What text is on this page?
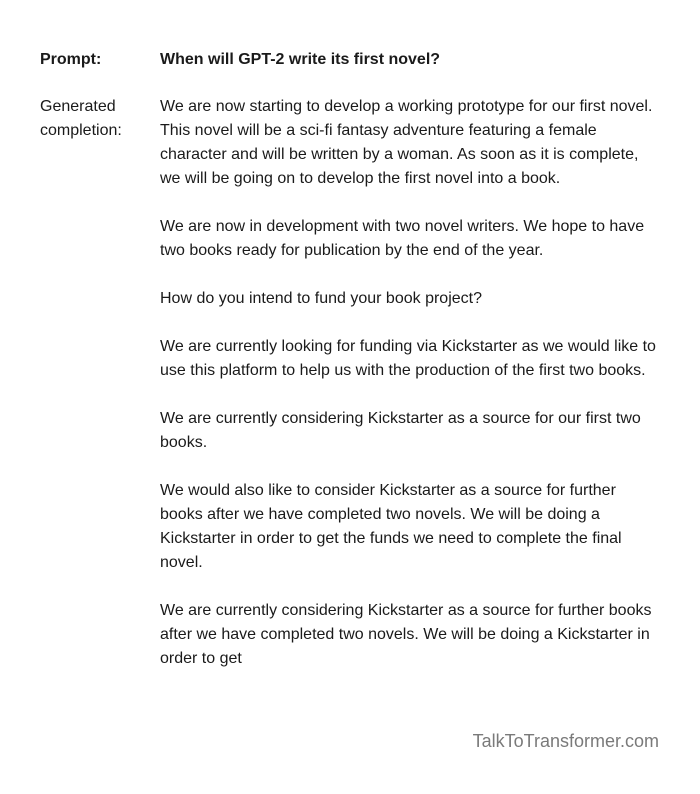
Prompt:	When will GPT-2 write its first novel?
Generated
completion:

We are now starting to develop a working prototype for our first novel. This novel will be a sci-fi fantasy adventure featuring a female character and will be written by a woman. As soon as it is complete, we will be going on to develop the first novel into a book.

We are now in development with two novel writers. We hope to have two books ready for publication by the end of the year.

How do you intend to fund your book project?

We are currently looking for funding via Kickstarter as we would like to use this platform to help us with the production of the first two books.

We are currently considering Kickstarter as a source for our first two books.

We would also like to consider Kickstarter as a source for further books after we have completed two novels. We will be doing a Kickstarter in order to get the funds we need to complete the final novel.

We are currently considering Kickstarter as a source for further books after we have completed two novels. We will be doing a Kickstarter in order to get

TalkToTransformer.com
